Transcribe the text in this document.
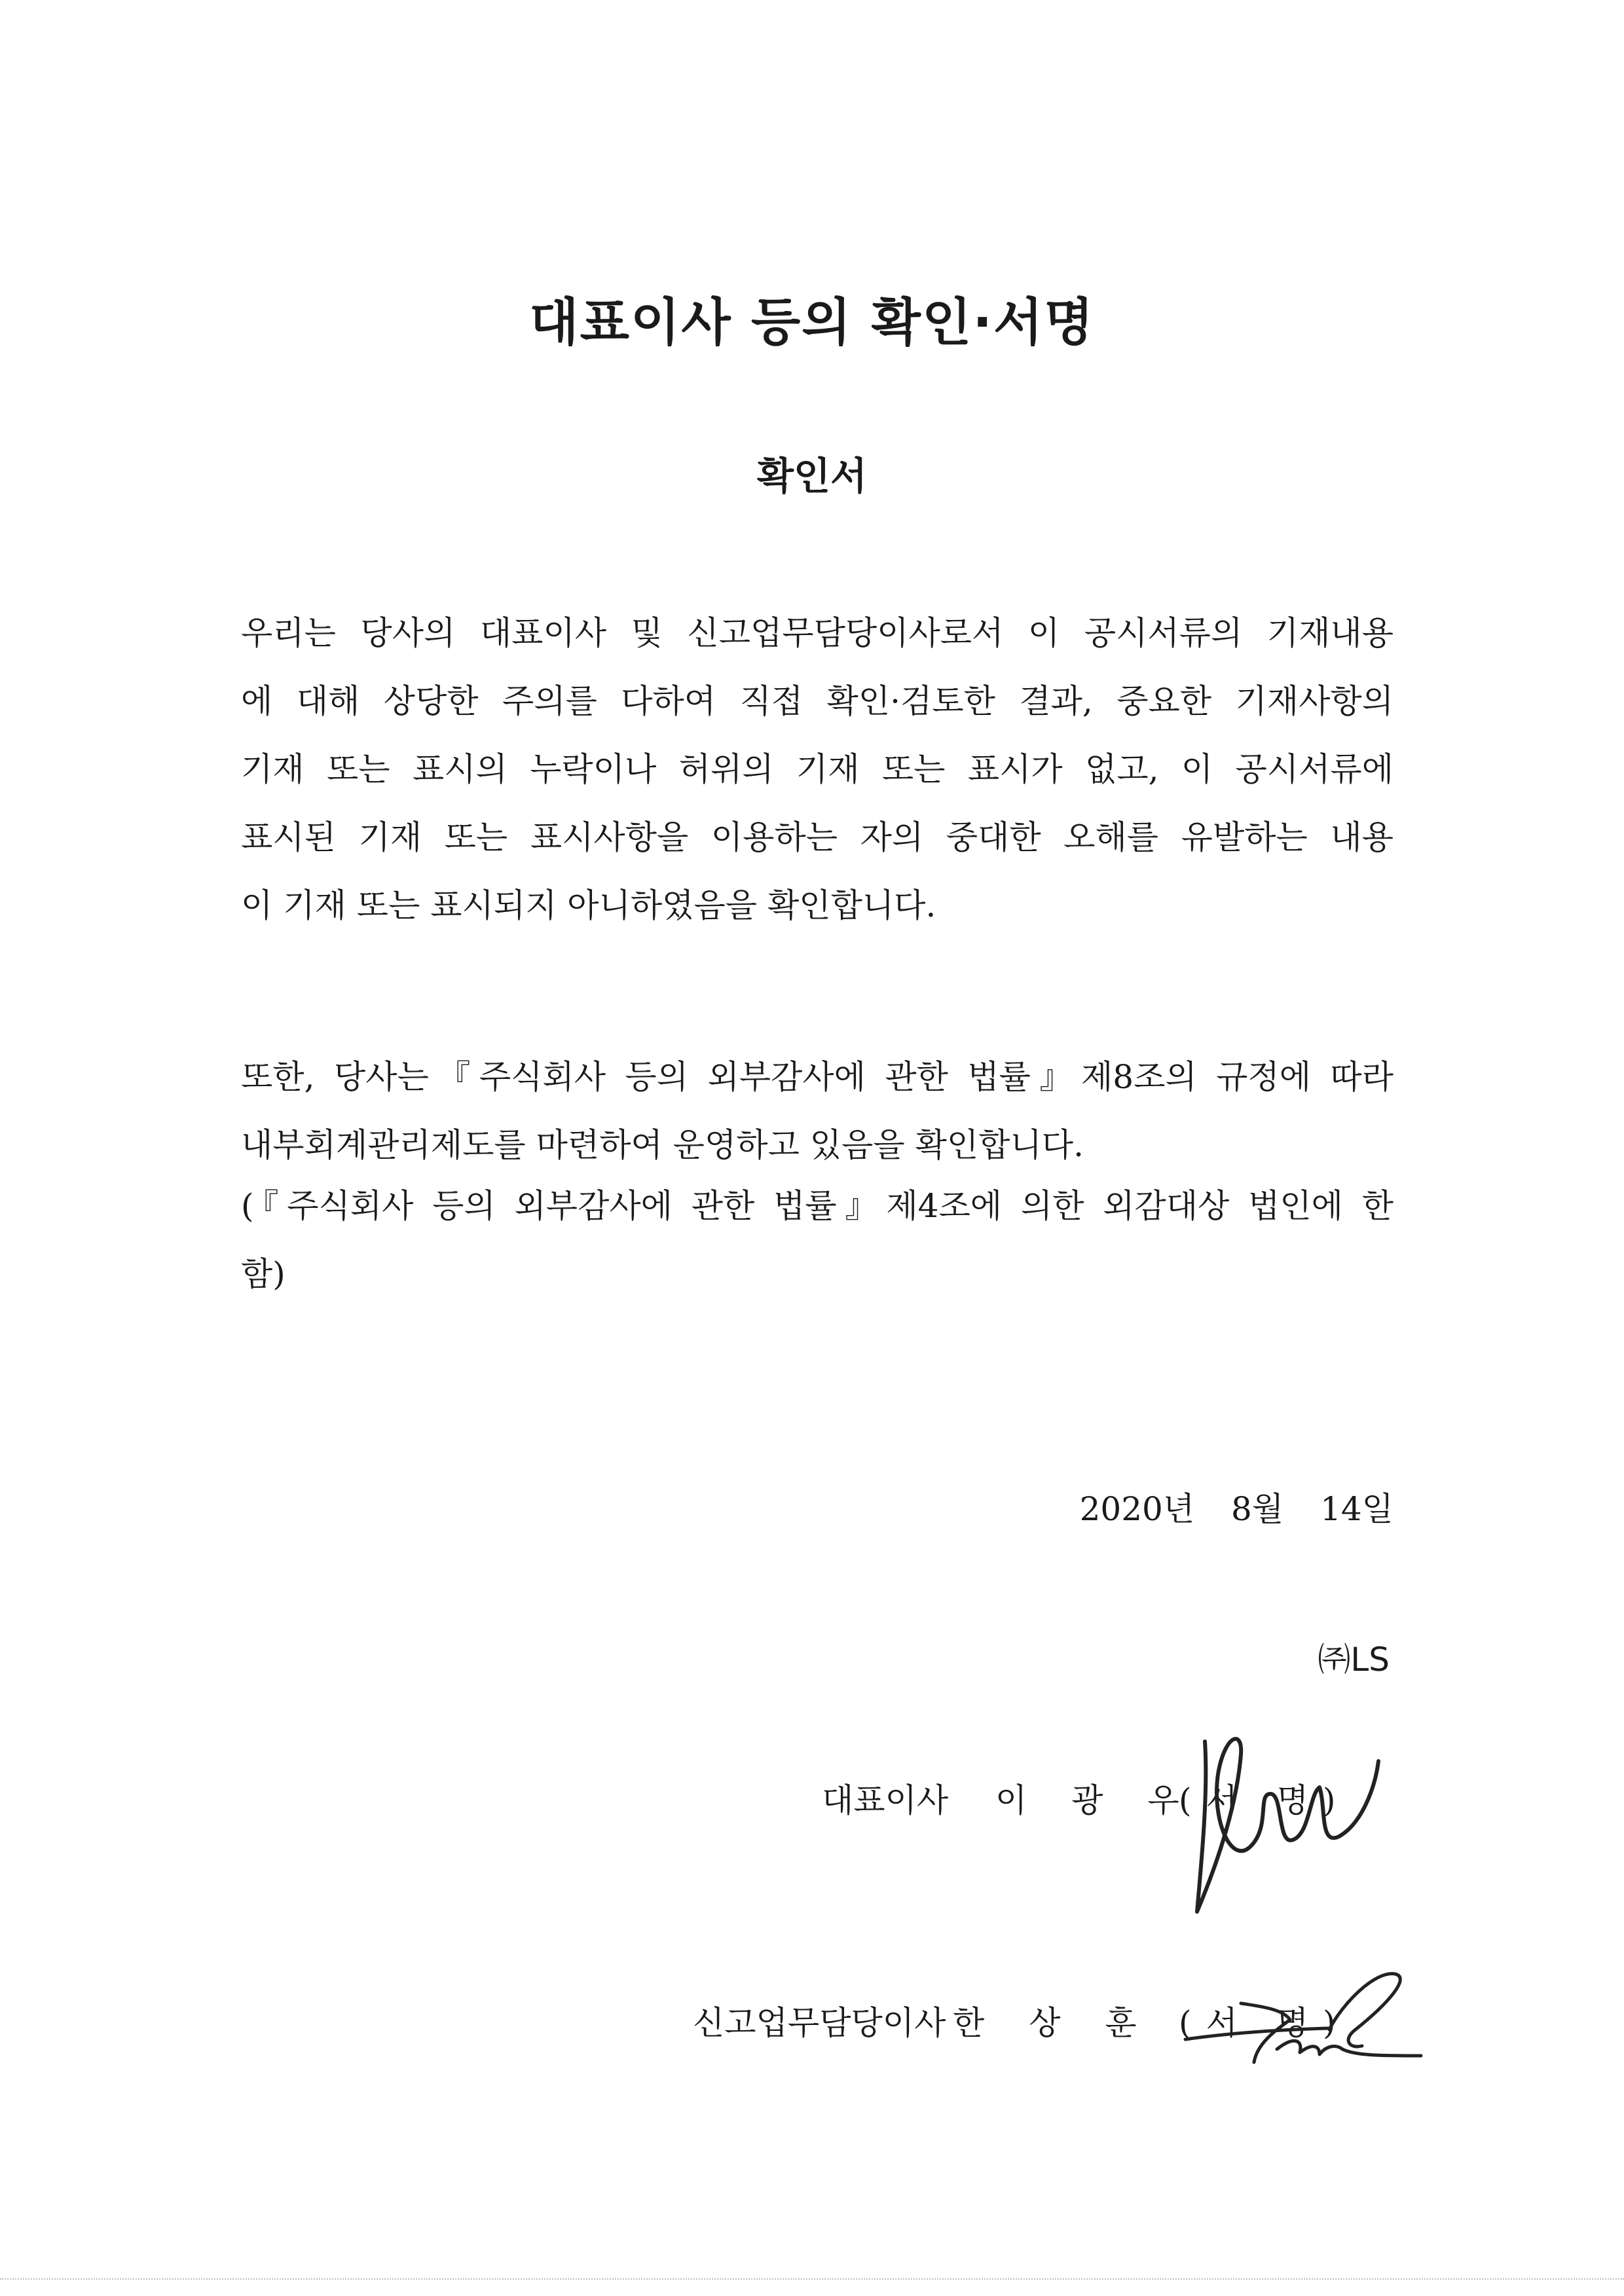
대표이사 등의 확인·서명
확인서
우리는 당사의 대표이사 및 신고업무담당이사로서 이 공시서류의 기재내용
에 대해 상당한 주의를 다하여 직접 확인·검토한 결과, 중요한 기재사항의
기재 또는 표시의 누락이나 허위의 기재 또는 표시가 없고, 이 공시서류에
표시된 기재 또는 표시사항을 이용하는 자의 중대한 오해를 유발하는 내용
이 기재 또는 표시되지 아니하였음을 확인합니다.
또한, 당사는『주식회사 등의 외부감사에 관한 법률』제8조의 규정에 따라
내부회계관리제도를 마련하여 운영하고 있음을 확인합니다.
(『주식회사 등의 외부감사에 관한 법률』제4조에 의한 외감대상 법인에 한
함)
2020년 8월 14일
㈜LS
대표이사 이 광 우
(서 명)
신고업무담당이사 한 상 훈 (서 명)
